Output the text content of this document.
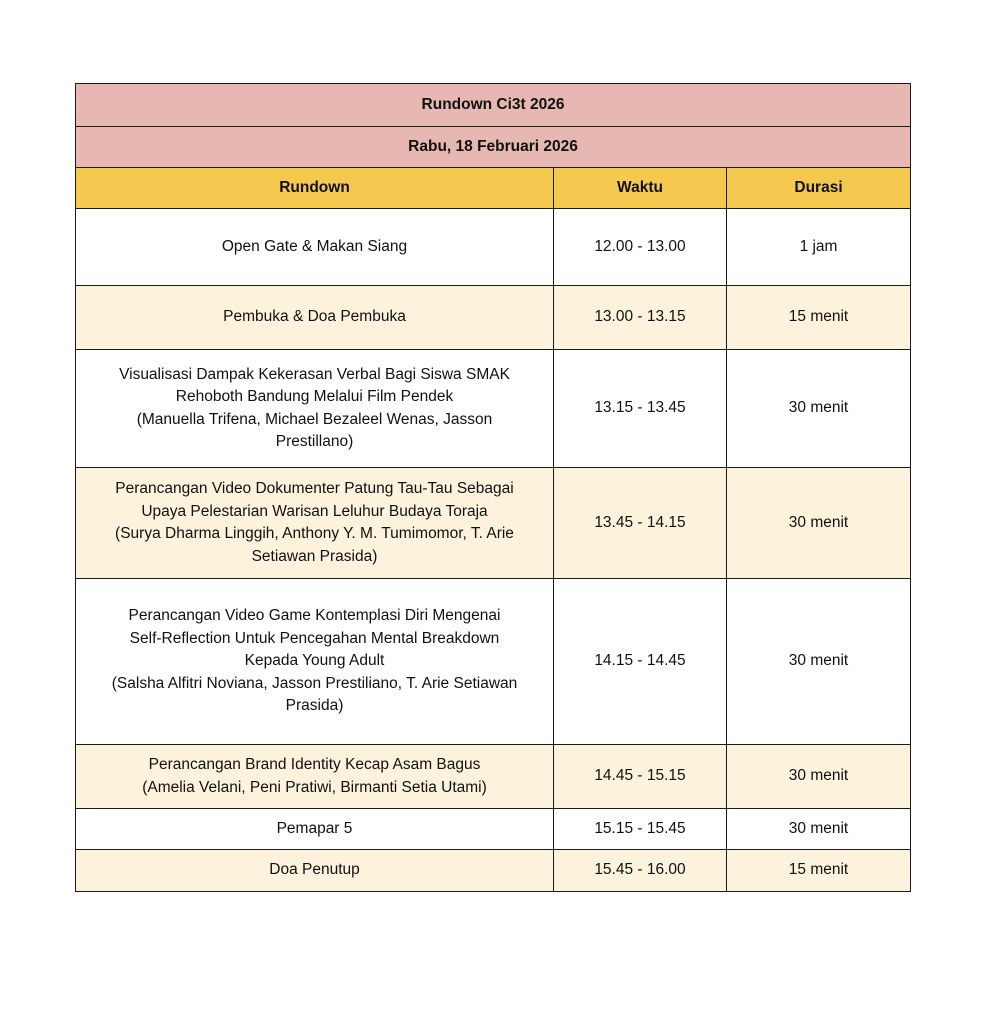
Rundown Ci3t 2026		
Rabu, 18 Februari 2026		
Rundown	Waktu	Durasi

Open Gate & Makan Siang	12.00 - 13.00	1 jam

Pembuka & Doa Pembuka	13.00 - 13.15	15 menit

Visualisasi Dampak Kekerasan Verbal Bagi Siswa SMAK
Rehoboth Bandung Melalui Film Pendek
(Manuella Trifena, Michael Bezaleel Wenas, Jasson
Prestillano)	13.15 - 13.45	30 menit

Perancangan Video Dokumenter Patung Tau-Tau Sebagai
Upaya Pelestarian Warisan Leluhur Budaya Toraja
(Surya Dharma Linggih, Anthony Y. M. Tumimomor, T. Arie
Setiawan Prasida)	13.45 - 14.15	30 menit

Perancangan Video Game Kontemplasi Diri Mengenai
Self-Reflection Untuk Pencegahan Mental Breakdown
Kepada Young Adult
(Salsha Alfitri Noviana, Jasson Prestiliano, T. Arie Setiawan
Prasida)	14.15 - 14.45	30 menit

Perancangan Brand Identity Kecap Asam Bagus
(Amelia Velani, Peni Pratiwi, Birmanti Setia Utami)	14.45 - 15.15	30 menit

Pemapar 5	15.15 - 15.45	30 menit

Doa Penutup	15.45 - 16.00	15 menit
